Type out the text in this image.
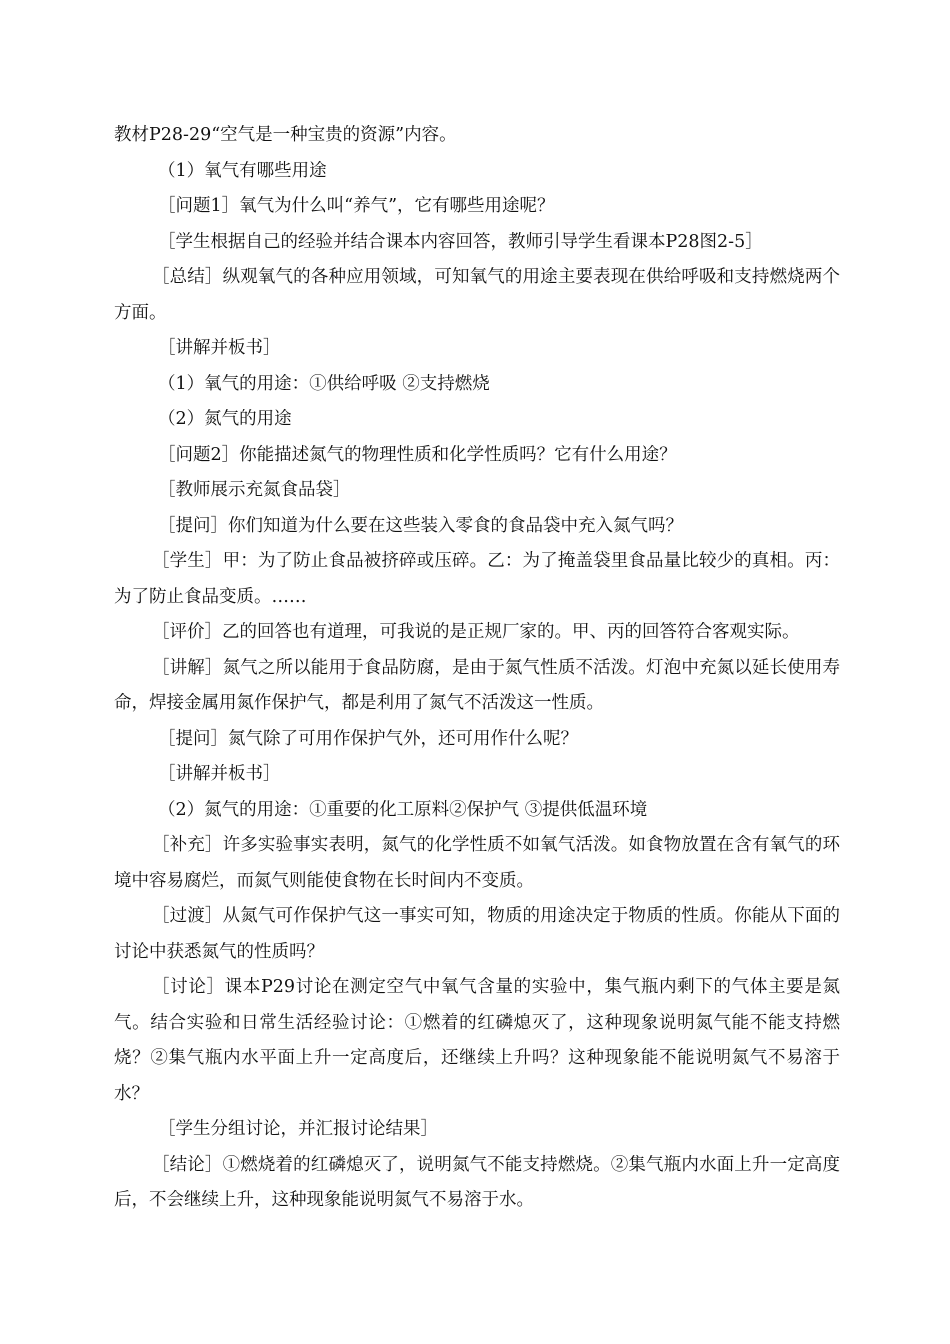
教材P28-29“空气是一种宝贵的资源”内容。

（1）氧气有哪些用途

［问题1］氧气为什么叫“养气”，它有哪些用途呢？

［学生根据自己的经验并结合课本内容回答，教师引导学生看课本P28图2-5］

［总结］纵观氧气的各种应用领域，可知氧气的用途主要表现在供给呼吸和支持燃烧两个方面。

［讲解并板书］

（1）氧气的用途：①供给呼吸 ②支持燃烧

（2）氮气的用途

［问题2］你能描述氮气的物理性质和化学性质吗？它有什么用途？

［教师展示充氮食品袋］

［提问］你们知道为什么要在这些装入零食的食品袋中充入氮气吗？

［学生］甲：为了防止食品被挤碎或压碎。乙：为了掩盖袋里食品量比较少的真相。丙：为了防止食品变质。……

［评价］乙的回答也有道理，可我说的是正规厂家的。甲、丙的回答符合客观实际。

［讲解］氮气之所以能用于食品防腐，是由于氮气性质不活泼。灯泡中充氮以延长使用寿命，焊接金属用氮作保护气，都是利用了氮气不活泼这一性质。

［提问］氮气除了可用作保护气外，还可用作什么呢？

［讲解并板书］

（2）氮气的用途：①重要的化工原料②保护气 ③提供低温环境

［补充］许多实验事实表明，氮气的化学性质不如氧气活泼。如食物放置在含有氧气的环境中容易腐烂，而氮气则能使食物在长时间内不变质。

［过渡］从氮气可作保护气这一事实可知，物质的用途决定于物质的性质。你能从下面的讨论中获悉氮气的性质吗？

［讨论］课本P29讨论在测定空气中氧气含量的实验中，集气瓶内剩下的气体主要是氮气。结合实验和日常生活经验讨论：①燃着的红磷熄灭了，这种现象说明氮气能不能支持燃烧？②集气瓶内水平面上升一定高度后，还继续上升吗？这种现象能不能说明氮气不易溶于水？

［学生分组讨论，并汇报讨论结果］

［结论］①燃烧着的红磷熄灭了，说明氮气不能支持燃烧。②集气瓶内水面上升一定高度后，不会继续上升，这种现象能说明氮气不易溶于水。
